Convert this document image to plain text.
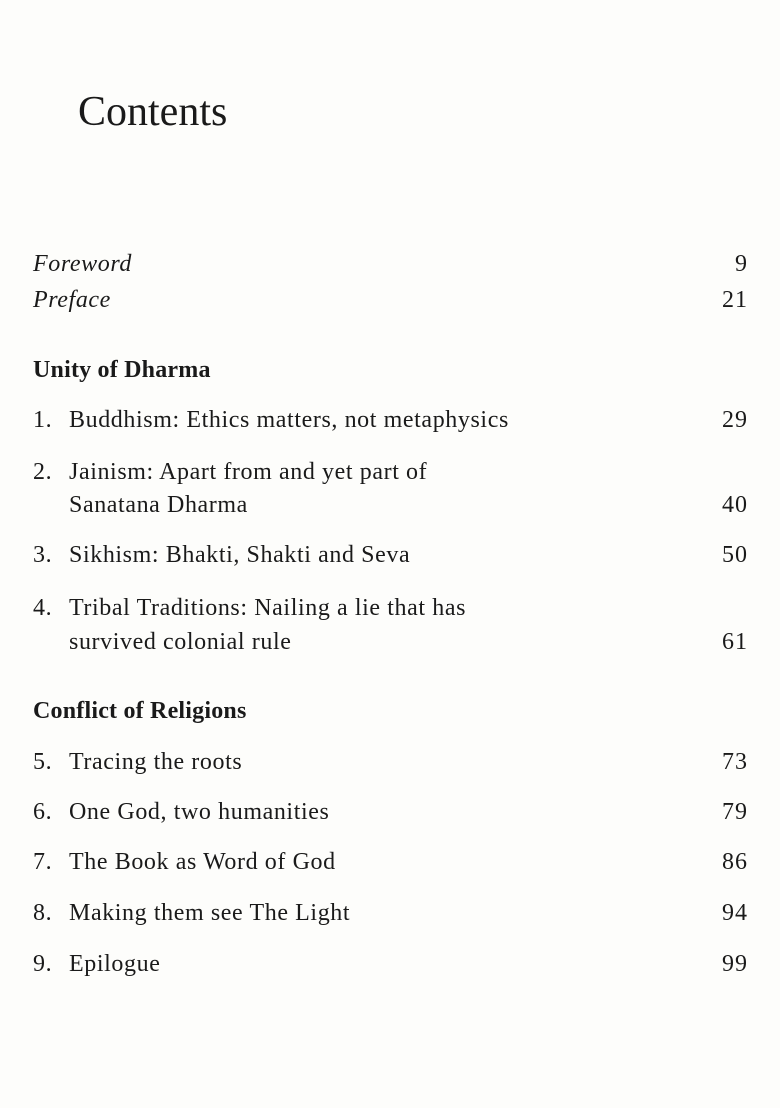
Contents
Foreword	9
Preface	21
Unity of Dharma
1. Buddhism: Ethics matters, not metaphysics	29
2. Jainism: Apart from and yet part of
Sanatana Dharma	40
3. Sikhism: Bhakti, Shakti and Seva	50
4. Tribal Traditions: Nailing a lie that has
survived colonial rule	61
Conflict of Religions
5. Tracing the roots	73
6. One God, two humanities	79
7. The Book as Word of God	86
8. Making them see The Light	94
9. Epilogue	99
